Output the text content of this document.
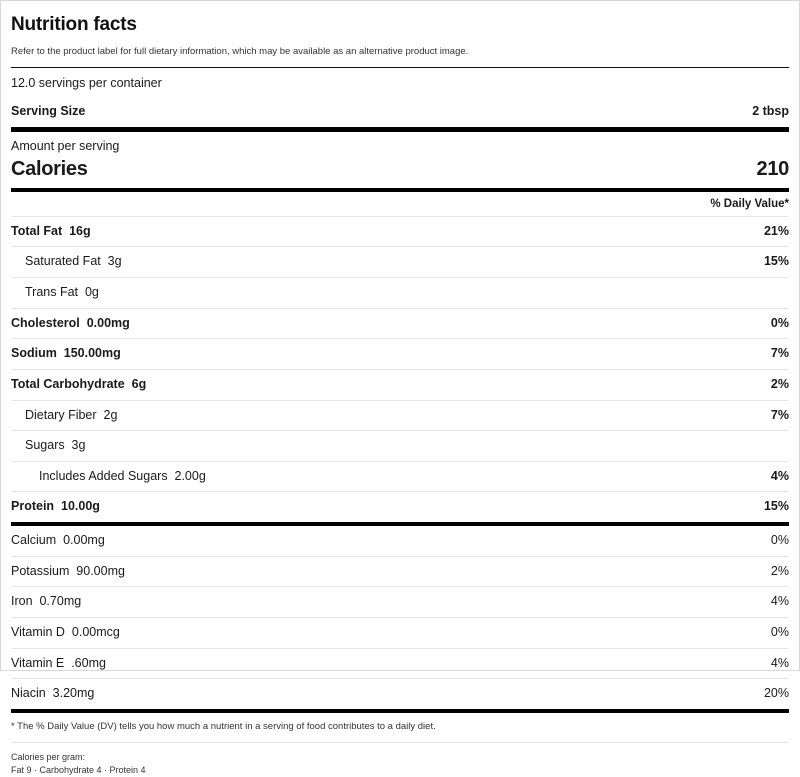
Nutrition facts
Refer to the product label for full dietary information, which may be available as an alternative product image.
12.0 servings per container
Serving Size	2 tbsp
Amount per serving
Calories	210
% Daily Value*
Total Fat  16g	21%
Saturated Fat  3g	15%
Trans Fat  0g
Cholesterol  0.00mg	0%
Sodium  150.00mg	7%
Total Carbohydrate  6g	2%
Dietary Fiber  2g	7%
Sugars  3g
Includes Added Sugars  2.00g	4%
Protein  10.00g	15%
Calcium  0.00mg	0%
Potassium  90.00mg	2%
Iron  0.70mg	4%
Vitamin D  0.00mcg	0%
Vitamin E  .60mg	4%
Niacin  3.20mg	20%
* The % Daily Value (DV) tells you how much a nutrient in a serving of food contributes to a daily diet.
Calories per gram:
Fat 9 · Carbohydrate 4 · Protein 4
